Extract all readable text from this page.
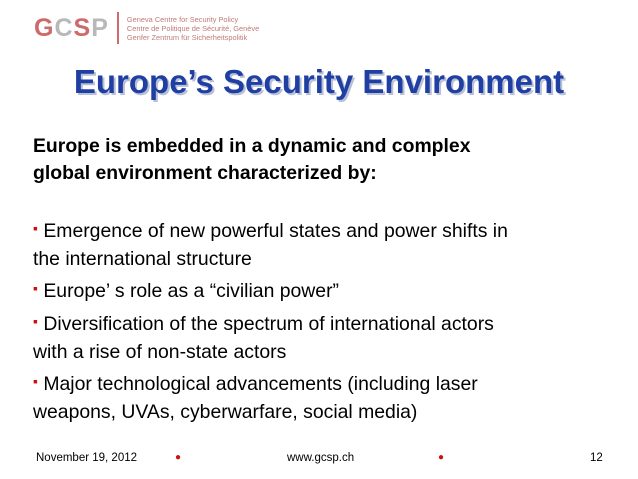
GCSP Geneva Centre for Security Policy
Centre de Politique de Sécurité, Genève
Genfer Zentrum für Sicherheitspolitik
Europe’s Security Environment
Europe is embedded in a dynamic and complex
global environment characterized by:
▪ Emergence of new powerful states and power shifts in
the international structure
▪ Europe’ s role as a “civilian power”
▪ Diversification of the spectrum of international actors
with a rise of non-state actors
▪ Major technological advancements (including laser
weapons, UVAs, cyberwarfare, social media)
November 19, 2012	●	www.gcsp.ch	●	12
